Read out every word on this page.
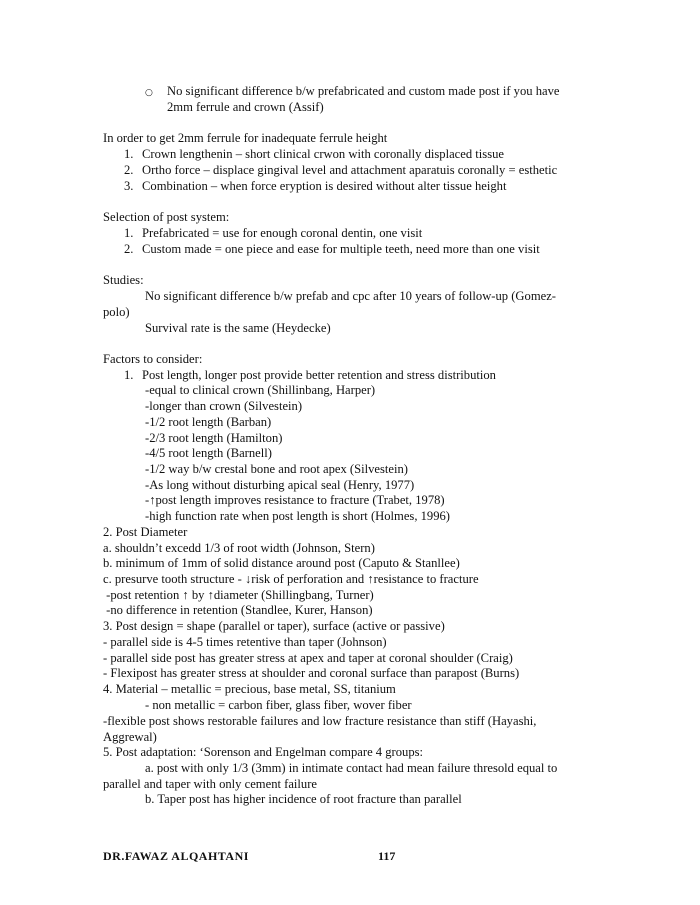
○ No significant difference b/w prefabricated and custom made post if you have
2mm ferrule and crown (Assif)
In order to get 2mm ferrule for inadequate ferrule height
1. Crown lengthenin – short clinical crwon with coronally displaced tissue
2. Ortho force – displace gingival level and attachment aparatuis coronally = esthetic
3. Combination – when force eryption is desired without alter tissue height
Selection of post system:
1. Prefabricated = use for enough coronal dentin, one visit
2. Custom made = one piece and ease for multiple teeth, need more than one visit
Studies:
No significant difference b/w prefab and cpc after 10 years of follow-up (Gomez-
polo)
Survival rate is the same (Heydecke)
Factors to consider:
1. Post length, longer post provide better retention and stress distribution
-equal to clinical crown (Shillinbang, Harper)
-longer than crown (Silvestein)
-1/2 root length (Barban)
-2/3 root length (Hamilton)
-4/5 root length (Barnell)
-1/2 way b/w crestal bone and root apex (Silvestein)
-As long without disturbing apical seal (Henry, 1977)
-↑post length improves resistance to fracture (Trabet, 1978)
-high function rate when post length is short (Holmes, 1996)
2. Post Diameter
a. shouldn’t excedd 1/3 of root width (Johnson, Stern)
b. minimum of 1mm of solid distance around post (Caputo & Stanllee)
c. presurve tooth structure - ↓risk of perforation and ↑resistance to fracture
-post retention ↑ by ↑diameter (Shillingbang, Turner)
-no difference in retention (Standlee, Kurer, Hanson)
3. Post design = shape (parallel or taper), surface (active or passive)
- parallel side is 4-5 times retentive than taper (Johnson)
- parallel side post has greater stress at apex and taper at coronal shoulder (Craig)
- Flexipost has greater stress at shoulder and coronal surface than parapost (Burns)
4. Material – metallic = precious, base metal, SS, titanium
- non metallic = carbon fiber, glass fiber, wover fiber
-flexible post shows restorable failures and low fracture resistance than stiff (Hayashi,
Aggrewal)
5. Post adaptation: ‘Sorenson and Engelman compare 4 groups:
a. post with only 1/3 (3mm) in intimate contact had mean failure thresold equal to
parallel and taper with only cement failure
b. Taper post has higher incidence of root fracture than parallel
DR.FAWAZ ALQAHTANI	117
